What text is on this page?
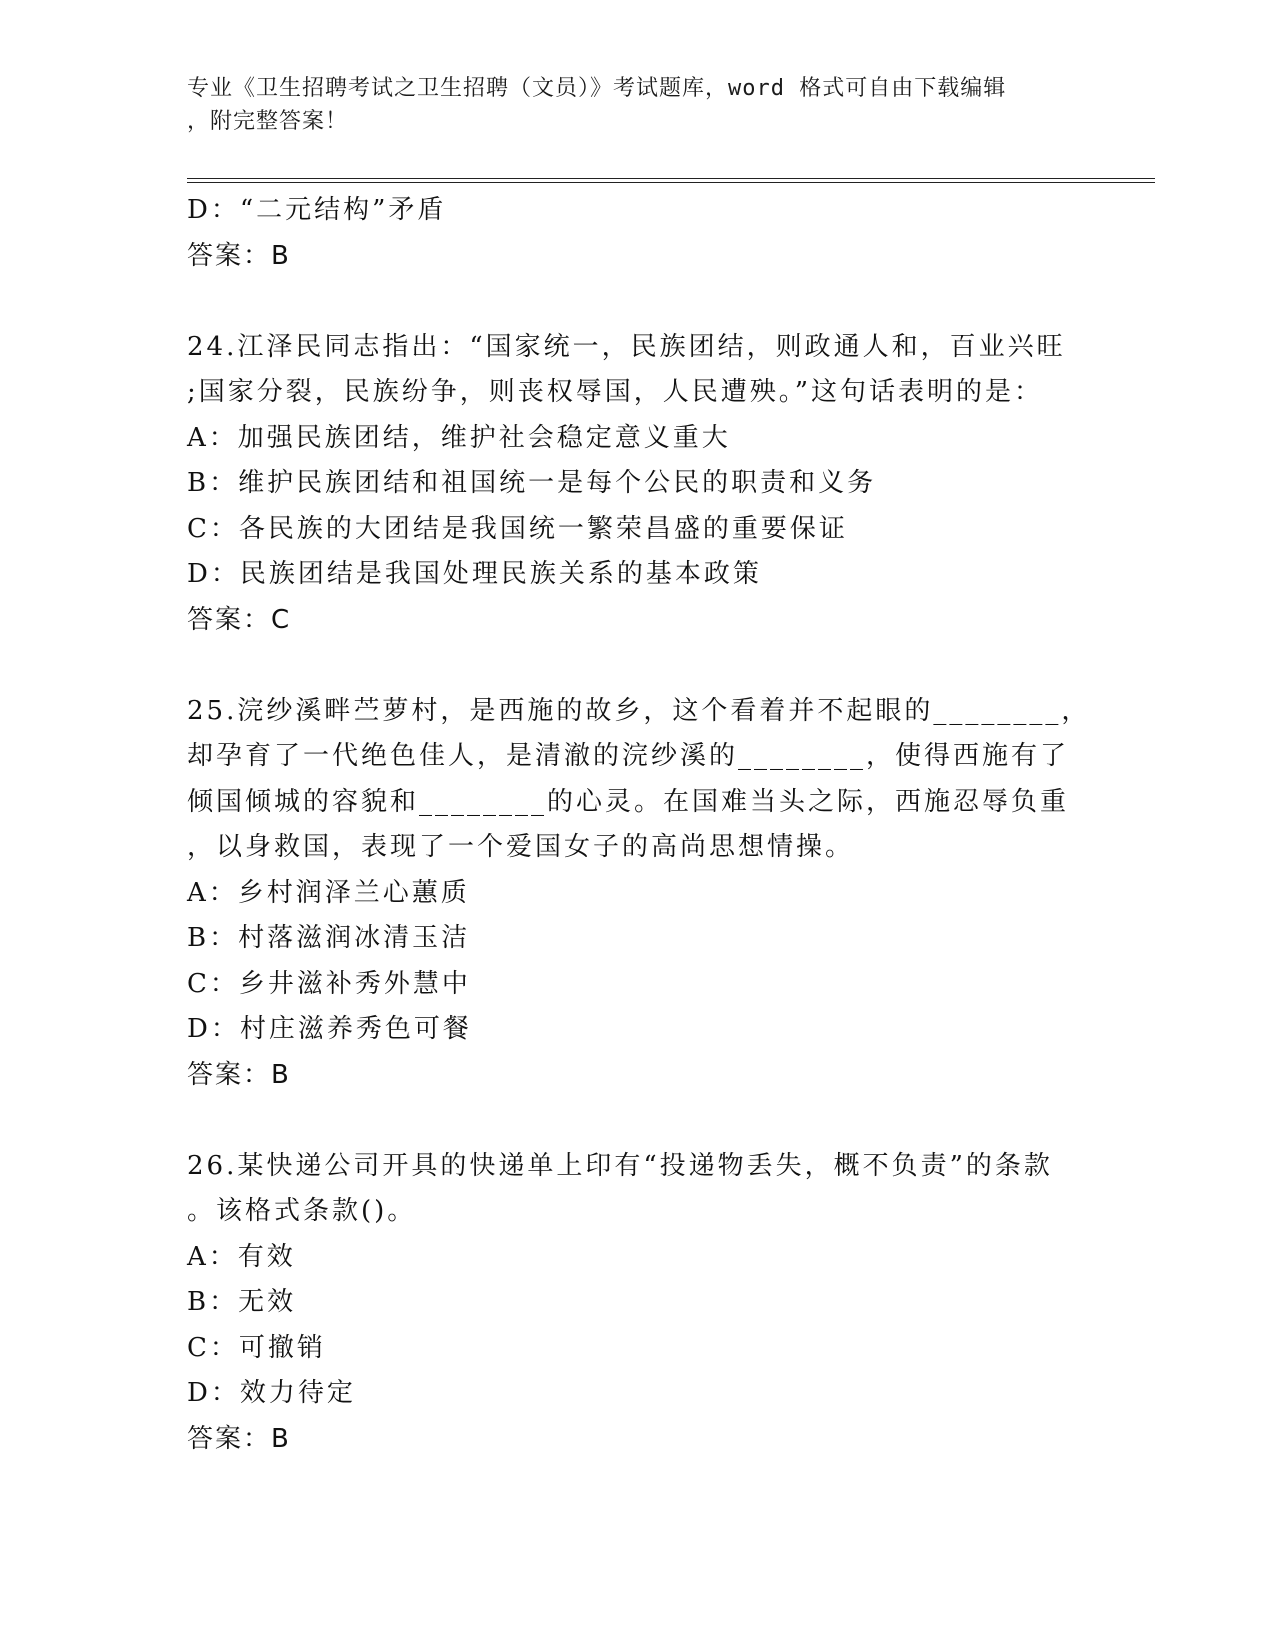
专业《卫生招聘考试之卫生招聘（文员）》考试题库，word 格式可自由下载编辑
，附完整答案！
D：“二元结构”矛盾
答案：B
24.江泽民同志指出：“国家统一，民族团结，则政通人和，百业兴旺
;国家分裂，民族纷争，则丧权辱国，人民遭殃。”这句话表明的是：
A：加强民族团结，维护社会稳定意义重大
B：维护民族团结和祖国统一是每个公民的职责和义务
C：各民族的大团结是我国统一繁荣昌盛的重要保证
D：民族团结是我国处理民族关系的基本政策
答案：C
25.浣纱溪畔苎萝村，是西施的故乡，这个看着并不起眼的________，
却孕育了一代绝色佳人，是清澈的浣纱溪的________，使得西施有了
倾国倾城的容貌和________的心灵。在国难当头之际，西施忍辱负重
，以身救国，表现了一个爱国女子的高尚思想情操。
A：乡村润泽兰心蕙质
B：村落滋润冰清玉洁
C：乡井滋补秀外慧中
D：村庄滋养秀色可餐
答案：B
26.某快递公司开具的快递单上印有“投递物丢失，概不负责”的条款
。该格式条款()。
A：有效
B：无效
C：可撤销
D：效力待定
答案：B
